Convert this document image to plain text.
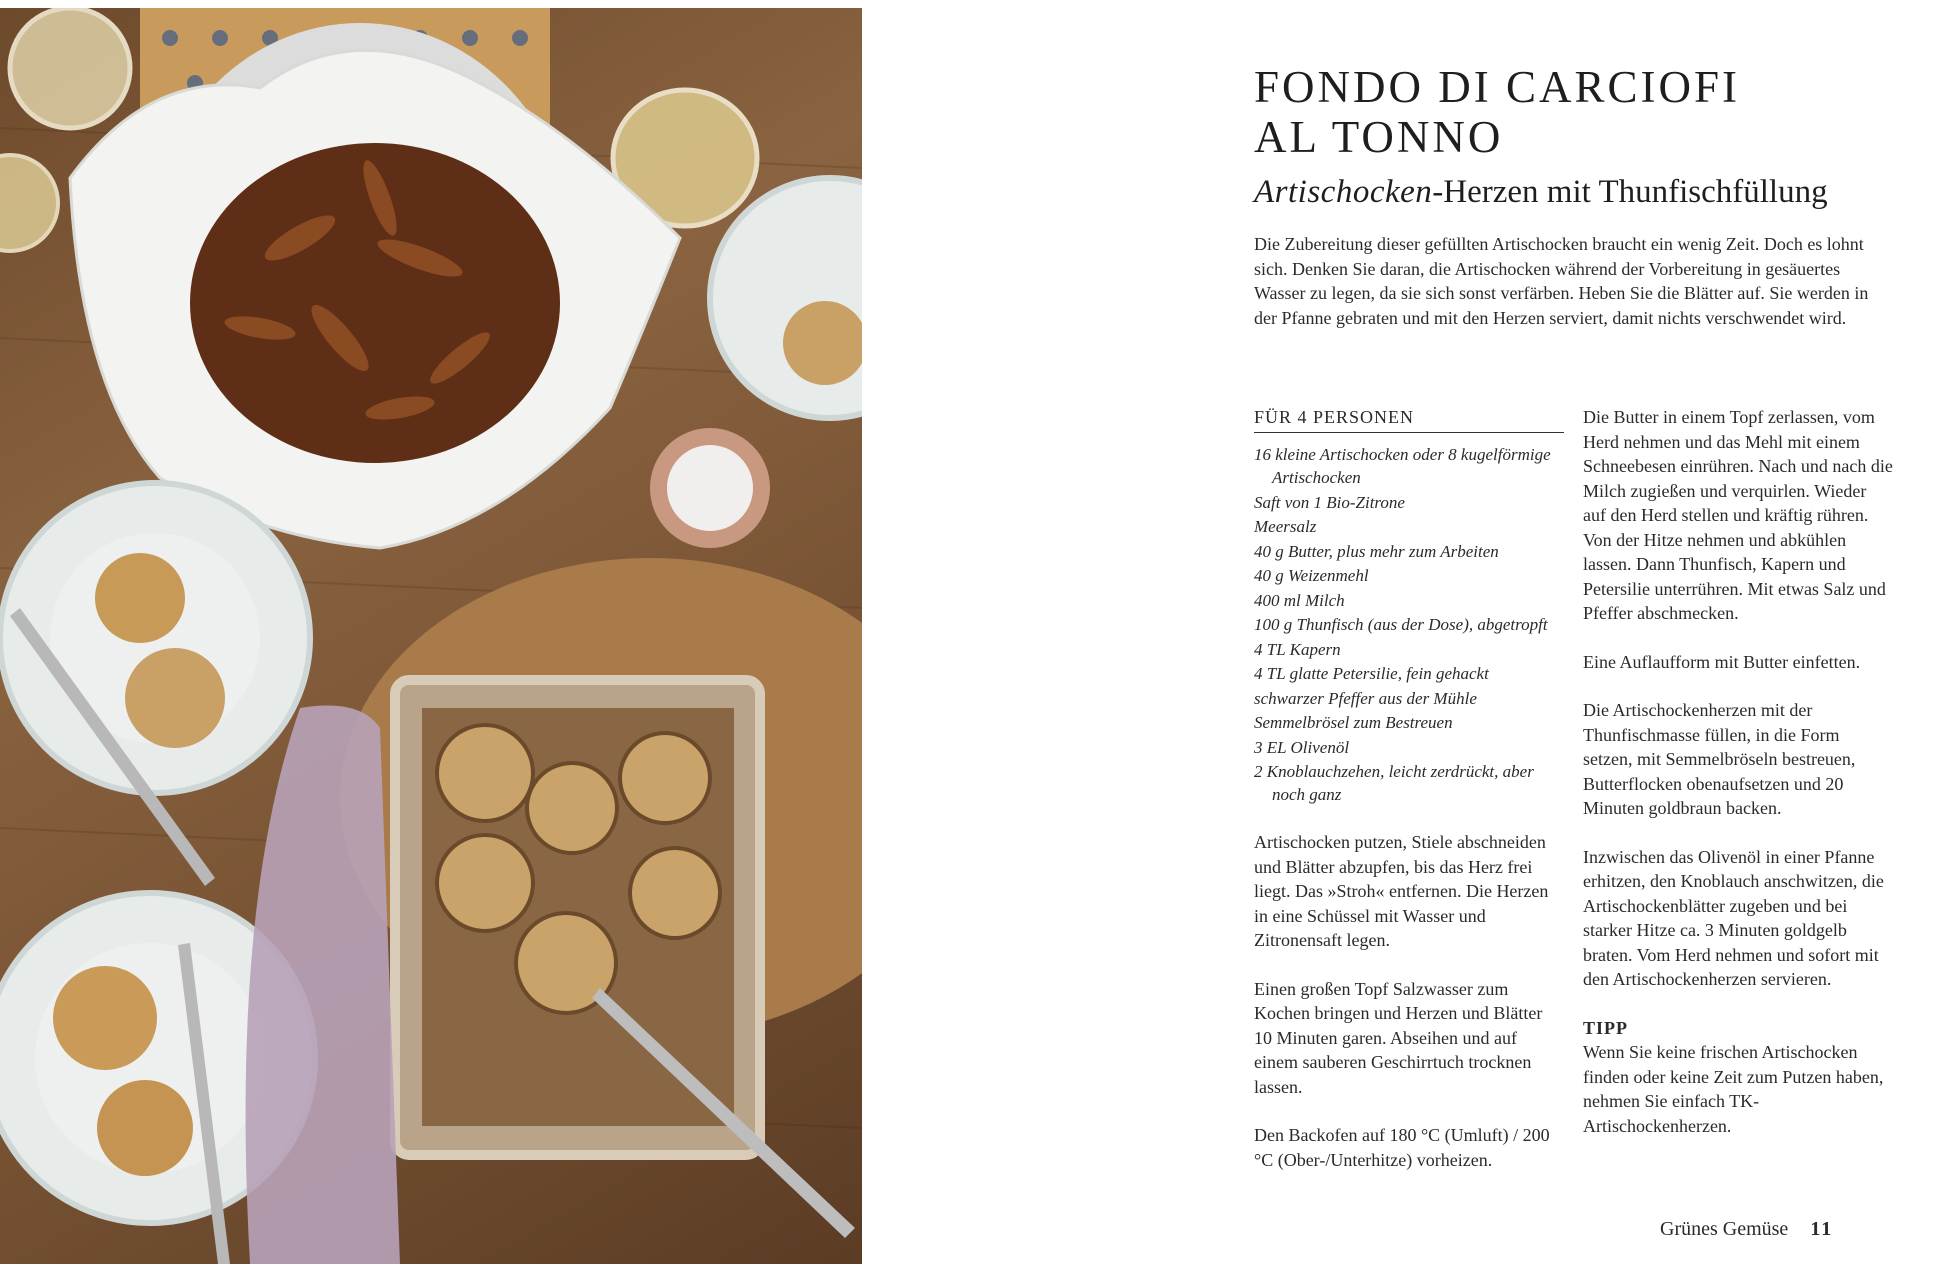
FONDO DI CARCIOFI
AL TONNO
Artischocken-Herzen mit Thunfischfüllung

Die Zubereitung dieser gefüllten Artischocken braucht ein wenig Zeit. Doch es lohnt sich. Denken Sie daran, die Artischocken während der Vorbereitung in gesäuertes Wasser zu legen, da sie sich sonst verfärben. Heben Sie die Blätter auf. Sie werden in der Pfanne gebraten und mit den Herzen serviert, damit nichts verschwendet wird.

FÜR 4 PERSONEN
16 kleine Artischocken oder 8 kugelförmige Artischocken
Saft von 1 Bio-Zitrone
Meersalz
40 g Butter, plus mehr zum Arbeiten
40 g Weizenmehl
400 ml Milch
100 g Thunfisch (aus der Dose), abgetropft
4 TL Kapern
4 TL glatte Petersilie, fein gehackt
schwarzer Pfeffer aus der Mühle
Semmelbrösel zum Bestreuen
3 EL Olivenöl
2 Knoblauchzehen, leicht zerdrückt, aber noch ganz

Artischocken putzen, Stiele abschneiden und Blätter abzupfen, bis das Herz frei liegt. Das »Stroh« entfernen. Die Herzen in eine Schüssel mit Wasser und Zitronensaft legen.

Einen großen Topf Salzwasser zum Kochen bringen und Herzen und Blätter 10 Minuten garen. Abseihen und auf einem sauberen Geschirrtuch trocknen lassen.

Den Backofen auf 180 °C (Umluft) / 200 °C (Ober-/Unterhitze) vorheizen.

Die Butter in einem Topf zerlassen, vom Herd nehmen und das Mehl mit einem Schneebesen einrühren. Nach und nach die Milch zugießen und verquirlen. Wieder auf den Herd stellen und kräftig rühren. Von der Hitze nehmen und abkühlen lassen. Dann Thunfisch, Kapern und Petersilie unterrühren. Mit etwas Salz und Pfeffer abschmecken.

Eine Auflaufform mit Butter einfetten.

Die Artischockenherzen mit der Thunfischmasse füllen, in die Form setzen, mit Semmelbröseln bestreuen, Butterflocken obenaufsetzen und 20 Minuten goldbraun backen.

Inzwischen das Olivenöl in einer Pfanne erhitzen, den Knoblauch anschwitzen, die Artischockenblätter zugeben und bei starker Hitze ca. 3 Minuten goldgelb braten. Vom Herd nehmen und sofort mit den Artischockenherzen servieren.

TIPP
Wenn Sie keine frischen Artischocken finden oder keine Zeit zum Putzen haben, nehmen Sie einfach TK-Artischockenherzen.

Grünes Gemüse 11
